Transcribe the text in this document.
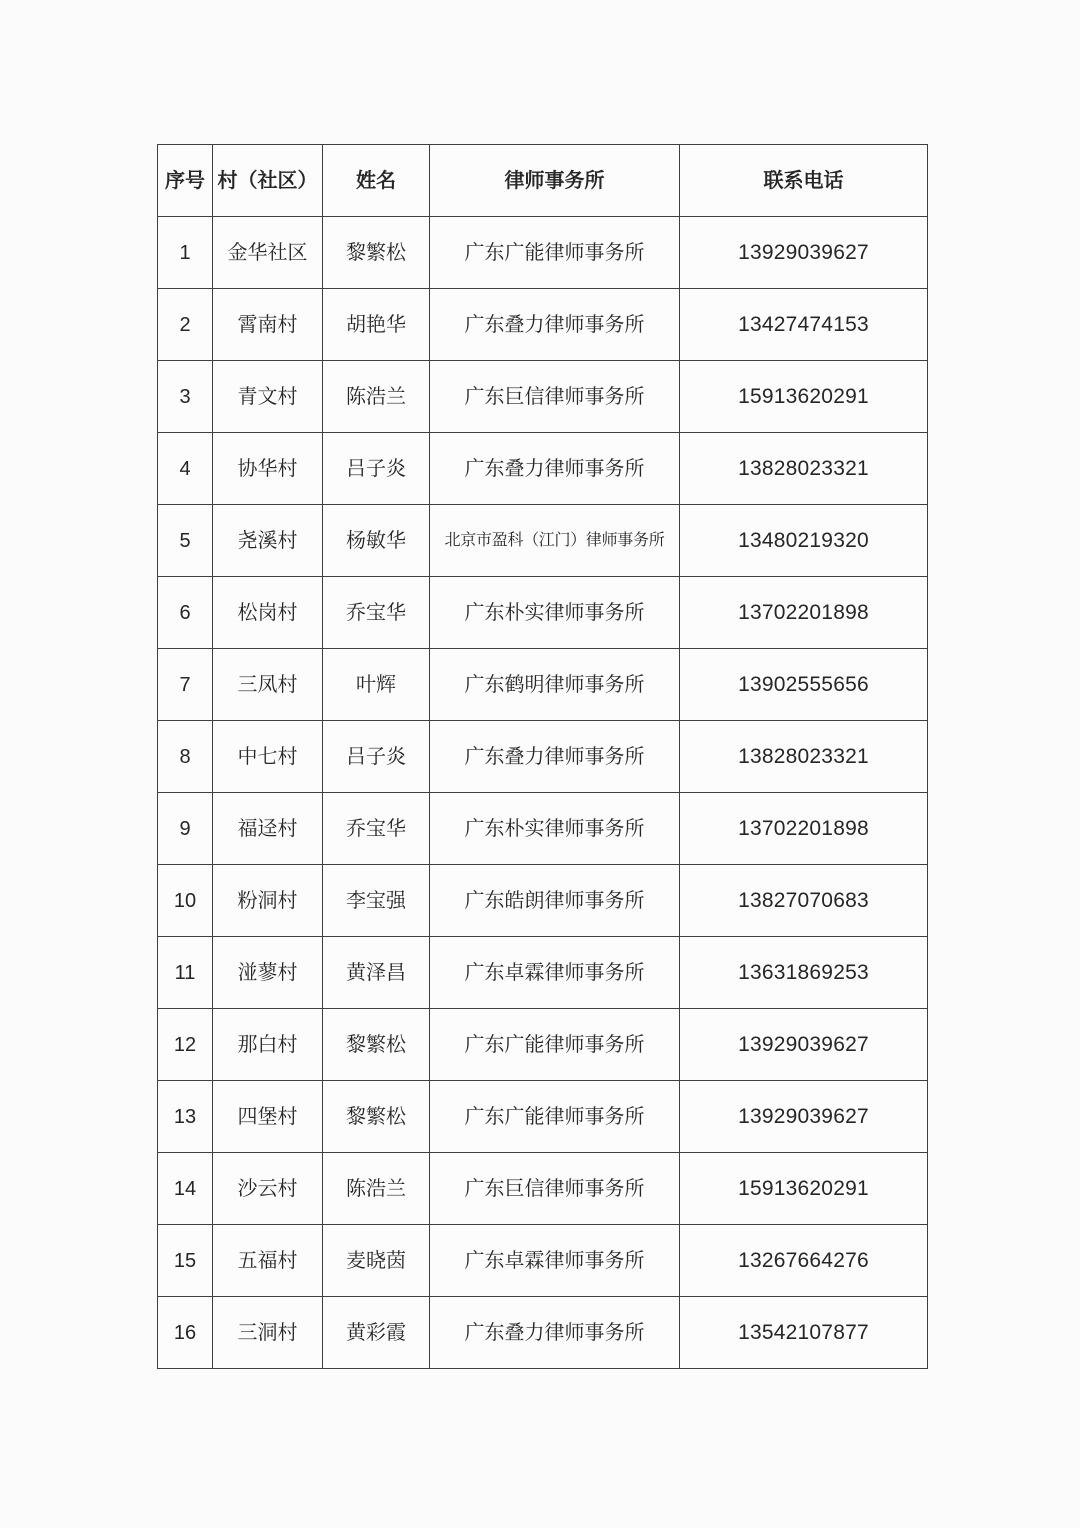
序号	村（社区）	姓名	律师事务所	联系电话
1	金华社区	黎繁松	广东广能律师事务所	13929039627
2	霄南村	胡艳华	广东叠力律师事务所	13427474153
3	青文村	陈浩兰	广东巨信律师事务所	15913620291
4	协华村	吕子炎	广东叠力律师事务所	13828023321
5	尧溪村	杨敏华	北京市盈科（江门）律师事务所	13480219320
6	松岗村	乔宝华	广东朴实律师事务所	13702201898
7	三凤村	叶辉	广东鹤明律师事务所	13902555656
8	中七村	吕子炎	广东叠力律师事务所	13828023321
9	福迳村	乔宝华	广东朴实律师事务所	13702201898
10	粉洞村	李宝强	广东皓朗律师事务所	13827070683
11	湴蓼村	黄泽昌	广东卓霖律师事务所	13631869253
12	那白村	黎繁松	广东广能律师事务所	13929039627
13	四堡村	黎繁松	广东广能律师事务所	13929039627
14	沙云村	陈浩兰	广东巨信律师事务所	15913620291
15	五福村	麦晓茵	广东卓霖律师事务所	13267664276
16	三洞村	黄彩霞	广东叠力律师事务所	13542107877
